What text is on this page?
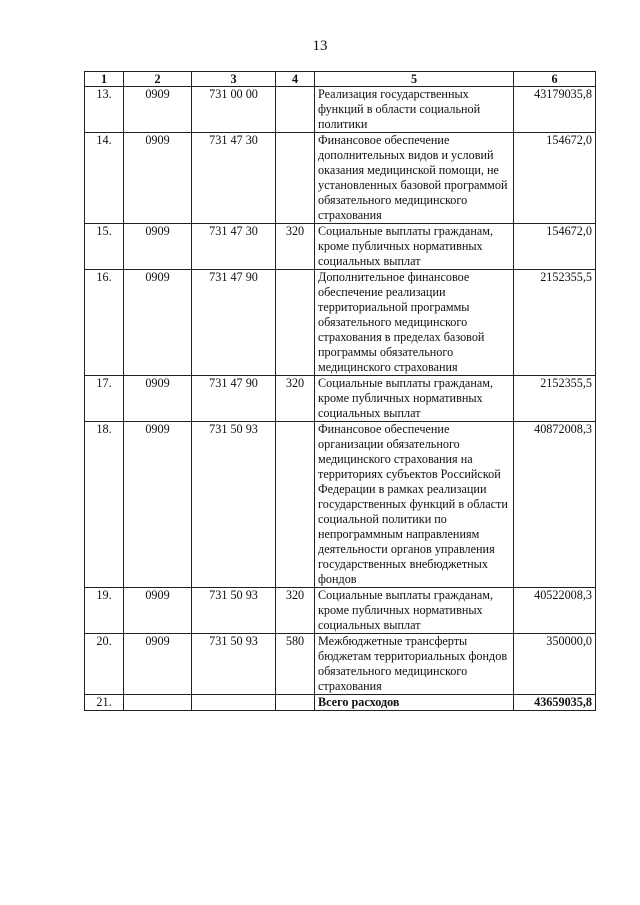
13
1	2	3	4	5	6
13.	0909	731 00 00		Реализация государственных функций в области социальной политики	43179035,8
14.	0909	731 47 30		Финансовое обеспечение дополнительных видов и условий оказания медицинской помощи, не установленных базовой программой обязательного медицинского страхования	154672,0
15.	0909	731 47 30	320	Социальные выплаты гражданам, кроме публичных нормативных социальных выплат	154672,0
16.	0909	731 47 90		Дополнительное финансовое обеспечение реализации территориальной программы обязательного медицинского страхования в пределах базовой программы обязательного медицинского страхования	2152355,5
17.	0909	731 47 90	320	Социальные выплаты гражданам, кроме публичных нормативных социальных выплат	2152355,5
18.	0909	731 50 93		Финансовое обеспечение организации обязательного медицинского страхования на территориях субъектов Российской Федерации в рамках реализации государственных функций в области социальной политики по непрограммным направлениям деятельности органов управления государственных внебюджетных фондов	40872008,3
19.	0909	731 50 93	320	Социальные выплаты гражданам, кроме публичных нормативных социальных выплат	40522008,3
20.	0909	731 50 93	580	Межбюджетные трансферты бюджетам территориальных фондов обязательного медицинского страхования	350000,0
21.				Всего расходов	43659035,8
